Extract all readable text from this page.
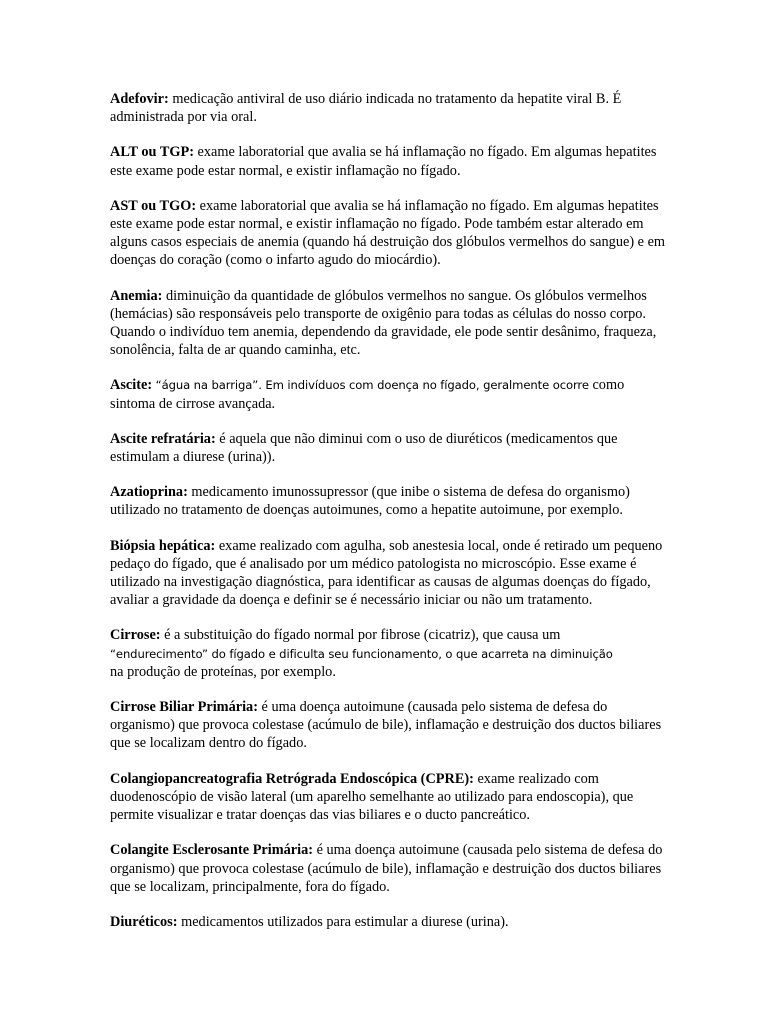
Adefovir: medicação antiviral de uso diário indicada no tratamento da hepatite viral B. É administrada por via oral.

ALT ou TGP: exame laboratorial que avalia se há inflamação no fígado. Em algumas hepatites este exame pode estar normal, e existir inflamação no fígado.

AST ou TGO: exame laboratorial que avalia se há inflamação no fígado. Em algumas hepatites este exame pode estar normal, e existir inflamação no fígado. Pode também estar alterado em alguns casos especiais de anemia (quando há destruição dos glóbulos vermelhos do sangue) e em doenças do coração (como o infarto agudo do miocárdio).

Anemia: diminuição da quantidade de glóbulos vermelhos no sangue. Os glóbulos vermelhos (hemácias) são responsáveis pelo transporte de oxigênio para todas as células do nosso corpo. Quando o indivíduo tem anemia, dependendo da gravidade, ele pode sentir desânimo, fraqueza, sonolência, falta de ar quando caminha, etc.

Ascite: “água na barriga”. Em indivíduos com doença no fígado, geralmente ocorre como sintoma de cirrose avançada.

Ascite refratária: é aquela que não diminui com o uso de diuréticos (medicamentos que estimulam a diurese (urina)).

Azatioprina: medicamento imunossupressor (que inibe o sistema de defesa do organismo) utilizado no tratamento de doenças autoimunes, como a hepatite autoimune, por exemplo.

Biópsia hepática: exame realizado com agulha, sob anestesia local, onde é retirado um pequeno pedaço do fígado, que é analisado por um médico patologista no microscópio. Esse exame é utilizado na investigação diagnóstica, para identificar as causas de algumas doenças do fígado, avaliar a gravidade da doença e definir se é necessário iniciar ou não um tratamento.

Cirrose: é a substituição do fígado normal por fibrose (cicatriz), que causa um
“endurecimento” do fígado e dificulta seu funcionamento, o que acarreta na diminuição
na produção de proteínas, por exemplo.

Cirrose Biliar Primária: é uma doença autoimune (causada pelo sistema de defesa do organismo) que provoca colestase (acúmulo de bile), inflamação e destruição dos ductos biliares que se localizam dentro do fígado.

Colangiopancreatografia Retrógrada Endoscópica (CPRE): exame realizado com duodenoscópio de visão lateral (um aparelho semelhante ao utilizado para endoscopia), que permite visualizar e tratar doenças das vias biliares e o ducto pancreático.

Colangite Esclerosante Primária: é uma doença autoimune (causada pelo sistema de defesa do organismo) que provoca colestase (acúmulo de bile), inflamação e destruição dos ductos biliares que se localizam, principalmente, fora do fígado.

Diuréticos: medicamentos utilizados para estimular a diurese (urina).
